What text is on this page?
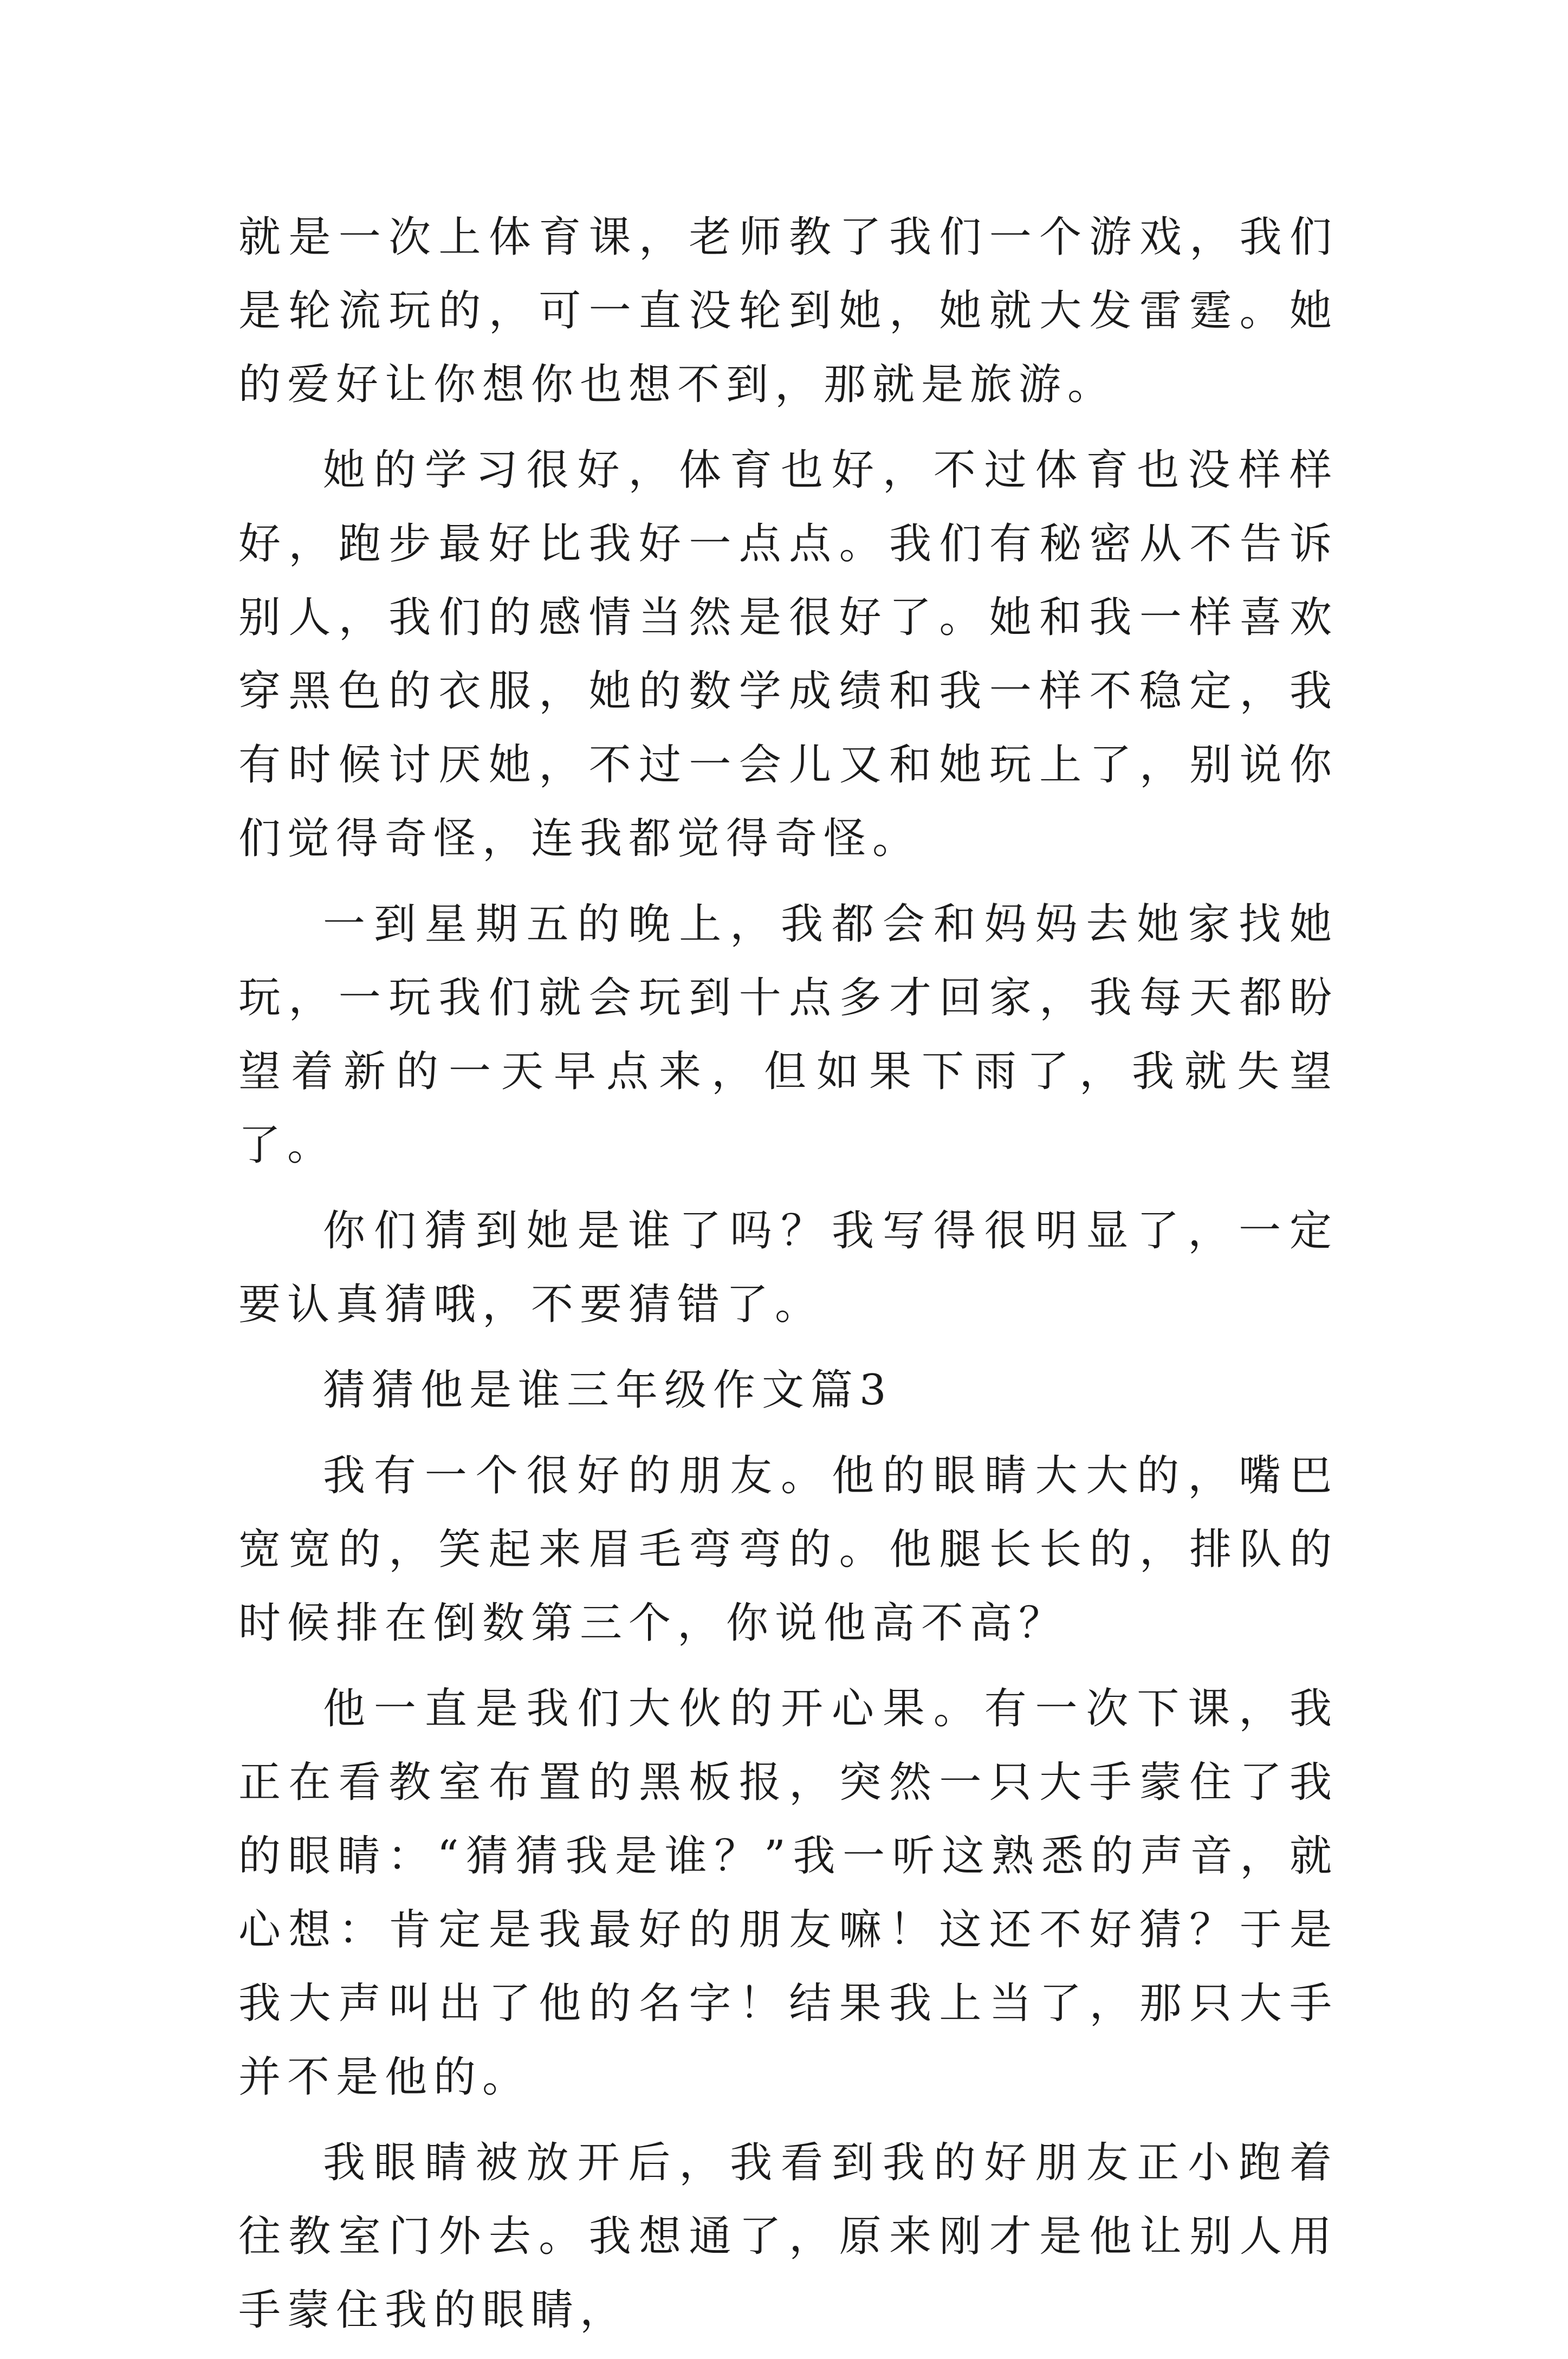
就是一次上体育课，老师教了我们一个游戏，我们是轮流玩的，可一直没轮到她，她就大发雷霆。她的爱好让你想你也想不到，那就是旅游。

她的学习很好，体育也好，不过体育也没样样好，跑步最好比我好一点点。我们有秘密从不告诉别人，我们的感情当然是很好了。她和我一样喜欢穿黑色的衣服，她的数学成绩和我一样不稳定，我有时候讨厌她，不过一会儿又和她玩上了，别说你们觉得奇怪，连我都觉得奇怪。

一到星期五的晚上，我都会和妈妈去她家找她玩，一玩我们就会玩到十点多才回家，我每天都盼望着新的一天早点来，但如果下雨了，我就失望了。

你们猜到她是谁了吗？我写得很明显了，一定要认真猜哦，不要猜错了。

猜猜他是谁三年级作文篇3

我有一个很好的朋友。他的眼睛大大的，嘴巴宽宽的，笑起来眉毛弯弯的。他腿长长的，排队的时候排在倒数第三个，你说他高不高？

他一直是我们大伙的开心果。有一次下课，我正在看教室布置的黑板报，突然一只大手蒙住了我的眼睛：“猜猜我是谁？”我一听这熟悉的声音，就心想：肯定是我最好的朋友嘛！这还不好猜？于是我大声叫出了他的名字！结果我上当了，那只大手并不是他的。

我眼睛被放开后，我看到我的好朋友正小跑着往教室门外去。我想通了，原来刚才是他让别人用手蒙住我的眼睛，
